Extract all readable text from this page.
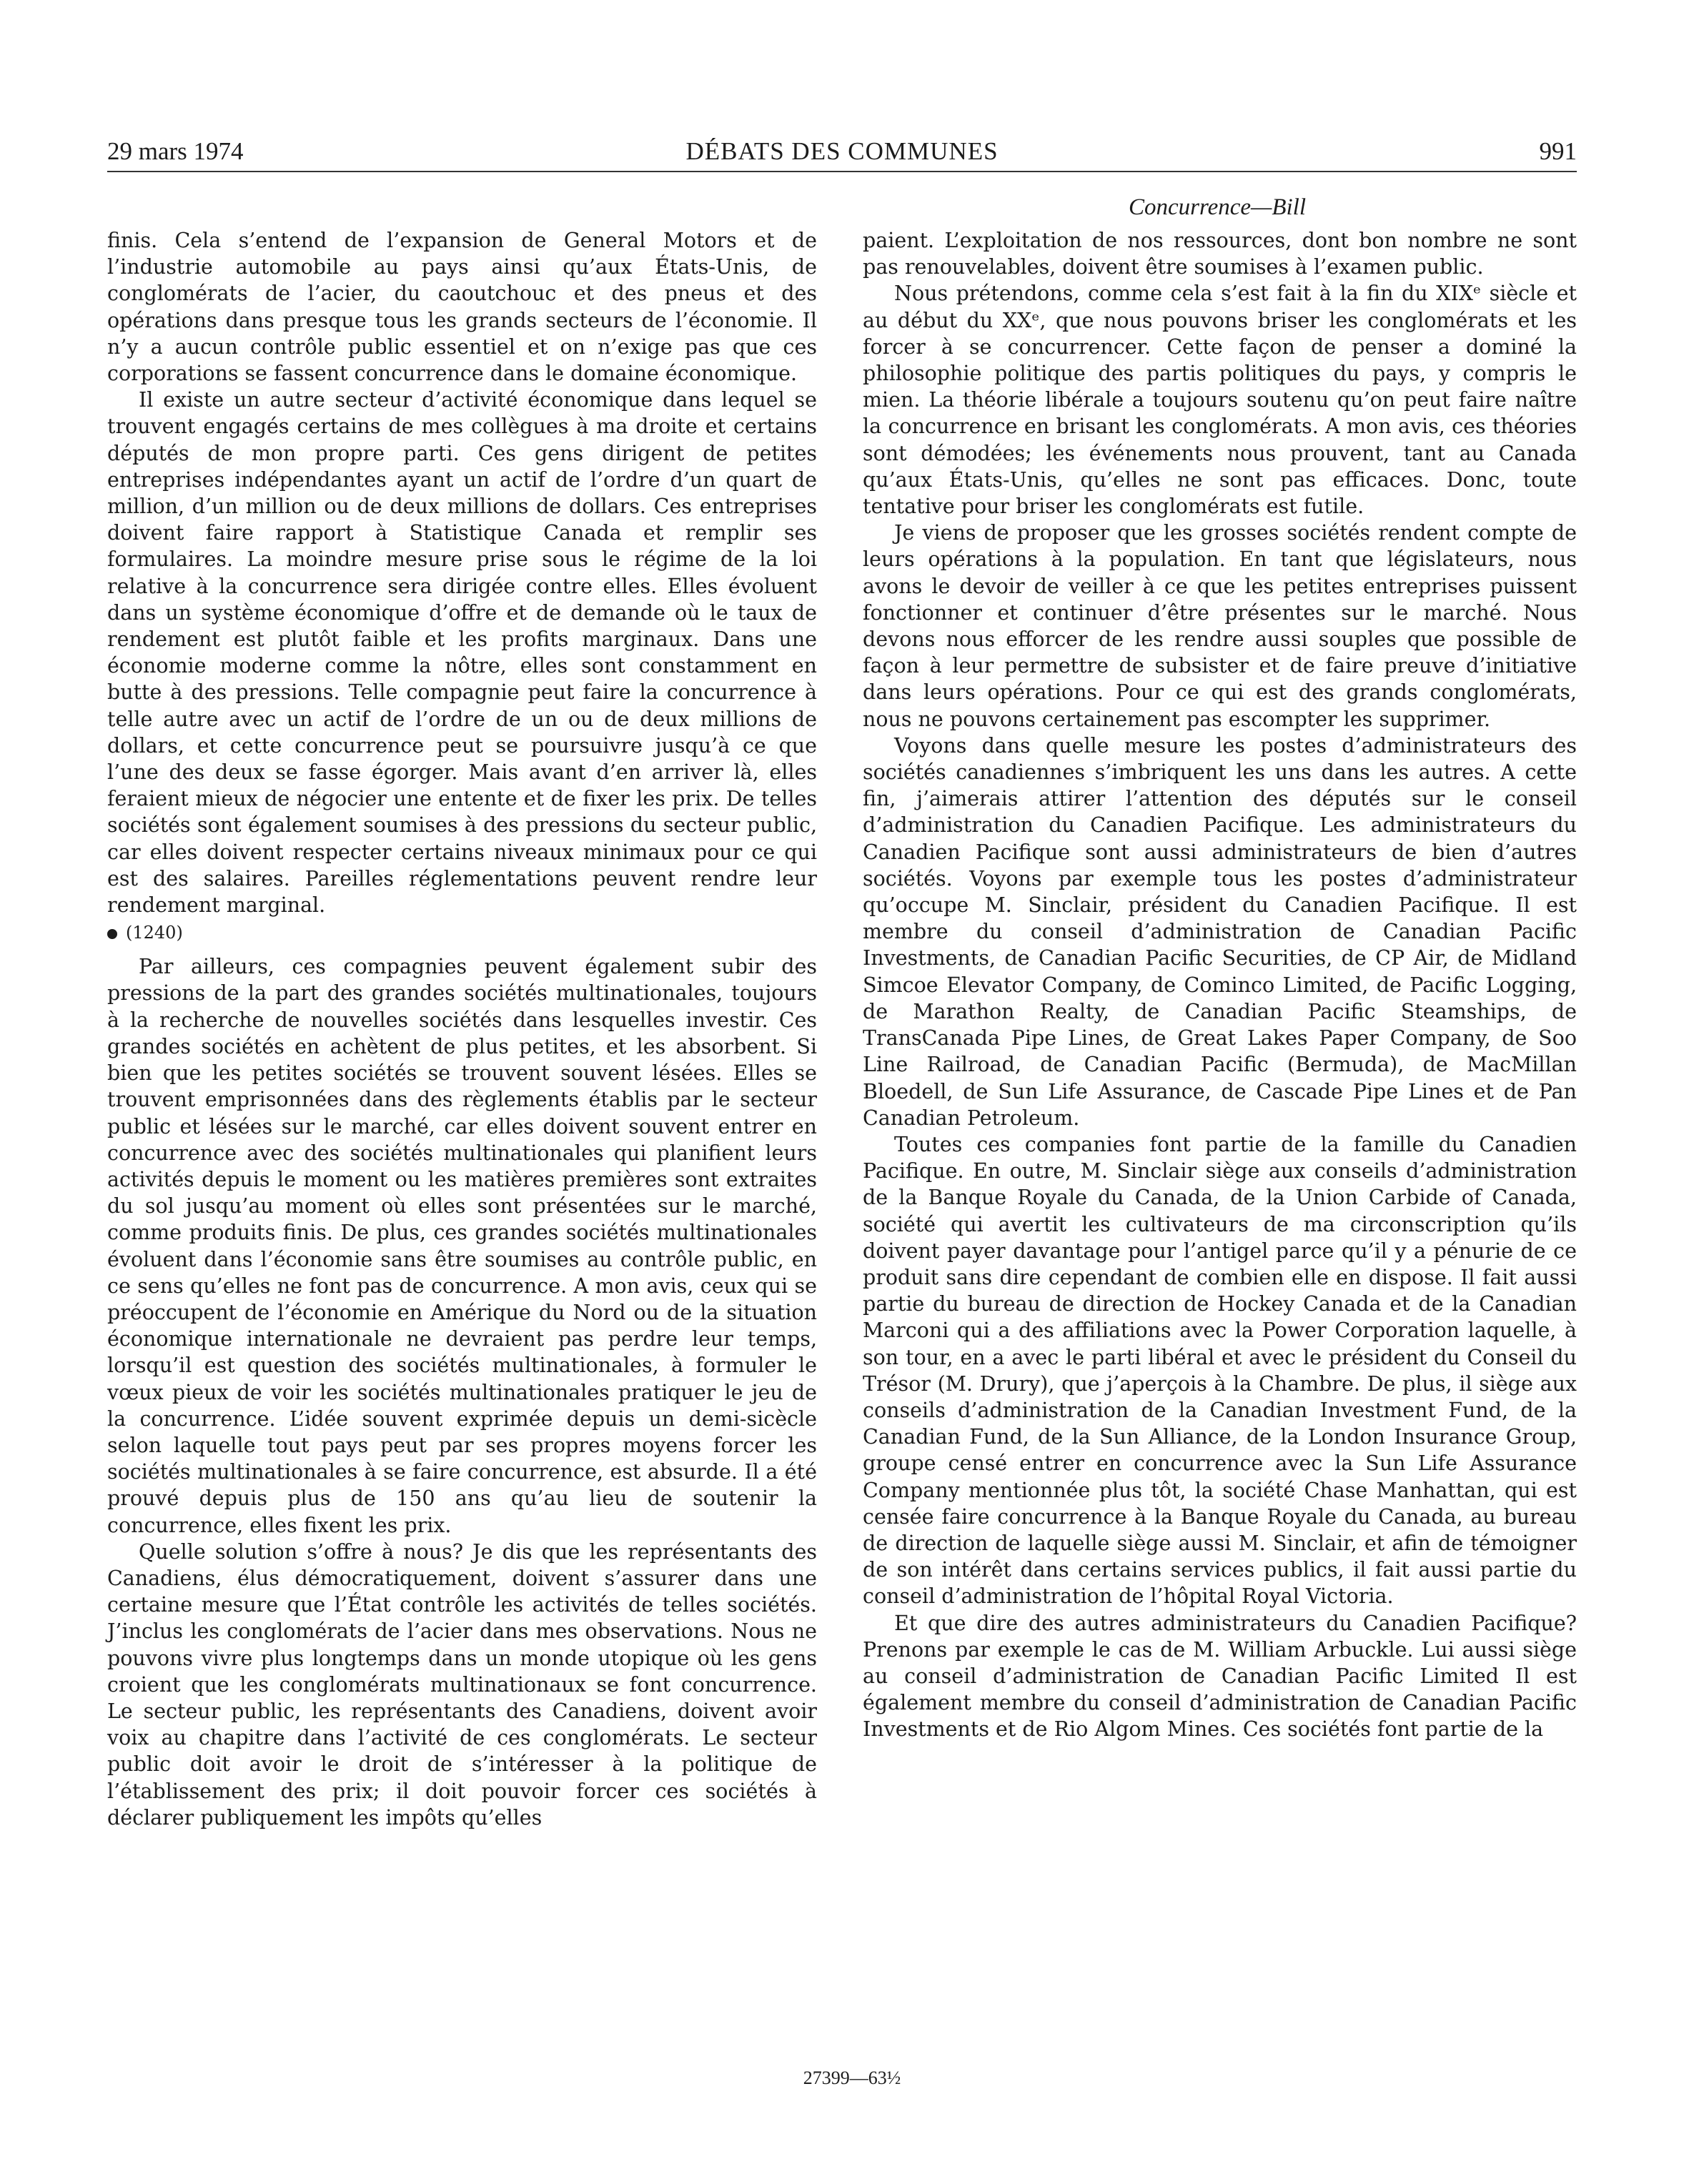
29 mars 1974	DÉBATS DES COMMUNES	991
Concurrence—Bill

finis. Cela s’entend de l’expansion de General Motors et de l’industrie automobile au pays ainsi qu’aux États-Unis, de conglomérats de l’acier, du caoutchouc et des pneus et des opérations dans presque tous les grands secteurs de l’économie. Il n’y a aucun contrôle public essentiel et on n’exige pas que ces corporations se fassent concurrence dans le domaine économique.

Il existe un autre secteur d’activité économique dans lequel se trouvent engagés certains de mes collègues à ma droite et certains députés de mon propre parti. Ces gens dirigent de petites entreprises indépendantes ayant un actif de l’ordre d’un quart de million, d’un million ou de deux millions de dollars. Ces entreprises doivent faire rapport à Statistique Canada et remplir ses formulaires. La moindre mesure prise sous le régime de la loi relative à la concurrence sera dirigée contre elles. Elles évoluent dans un système économique d’offre et de demande où le taux de rendement est plutôt faible et les profits marginaux. Dans une économie moderne comme la nôtre, elles sont constamment en butte à des pressions. Telle compagnie peut faire la concurrence à telle autre avec un actif de l’ordre de un ou de deux millions de dollars, et cette concurrence peut se poursuivre jusqu’à ce que l’une des deux se fasse égorger. Mais avant d’en arriver là, elles feraient mieux de négocier une entente et de fixer les prix. De telles sociétés sont également soumises à des pressions du secteur public, car elles doivent respecter certains niveaux minimaux pour ce qui est des salaires. Pareilles réglementations peuvent rendre leur rendement marginal.

(1240)

Par ailleurs, ces compagnies peuvent également subir des pressions de la part des grandes sociétés multinationales, toujours à la recherche de nouvelles sociétés dans lesquelles investir. Ces grandes sociétés en achètent de plus petites, et les absorbent. Si bien que les petites sociétés se trouvent souvent lésées. Elles se trouvent emprisonnées dans des règlements établis par le secteur public et lésées sur le marché, car elles doivent souvent entrer en concurrence avec des sociétés multinationales qui planifient leurs activités depuis le moment ou les matières premières sont extraites du sol jusqu’au moment où elles sont présentées sur le marché, comme produits finis. De plus, ces grandes sociétés multinationales évoluent dans l’économie sans être soumises au contrôle public, en ce sens qu’elles ne font pas de concurrence. A mon avis, ceux qui se préoccupent de l’économie en Amérique du Nord ou de la situation économique internationale ne devraient pas perdre leur temps, lorsqu’il est question des sociétés multinationales, à formuler le vœux pieux de voir les sociétés multinationales pratiquer le jeu de la concurrence. L’idée souvent exprimée depuis un demi-sicècle selon laquelle tout pays peut par ses propres moyens forcer les sociétés multinationales à se faire concurrence, est absurde. Il a été prouvé depuis plus de 150 ans qu’au lieu de soutenir la concurrence, elles fixent les prix.

Quelle solution s’offre à nous? Je dis que les représentants des Canadiens, élus démocratiquement, doivent s’assurer dans une certaine mesure que l’État contrôle les activités de telles sociétés. J’inclus les conglomérats de l’acier dans mes observations. Nous ne pouvons vivre plus longtemps dans un monde utopique où les gens croient que les conglomérats multinationaux se font concurrence. Le secteur public, les représentants des Canadiens, doivent avoir voix au chapitre dans l’activité de ces conglomérats. Le secteur public doit avoir le droit de s’intéresser à la politique de l’établissement des prix; il doit pouvoir forcer ces sociétés à déclarer publiquement les impôts qu’elles

paient. L’exploitation de nos ressources, dont bon nombre ne sont pas renouvelables, doivent être soumises à l’examen public.

Nous prétendons, comme cela s’est fait à la fin du XIXᵉ siècle et au début du XXᵉ, que nous pouvons briser les conglomérats et les forcer à se concurrencer. Cette façon de penser a dominé la philosophie politique des partis politiques du pays, y compris le mien. La théorie libérale a toujours soutenu qu’on peut faire naître la concurrence en brisant les conglomérats. A mon avis, ces théories sont démodées; les événements nous prouvent, tant au Canada qu’aux États-Unis, qu’elles ne sont pas efficaces. Donc, toute tentative pour briser les conglomérats est futile.

Je viens de proposer que les grosses sociétés rendent compte de leurs opérations à la population. En tant que législateurs, nous avons le devoir de veiller à ce que les petites entreprises puissent fonctionner et continuer d’être présentes sur le marché. Nous devons nous efforcer de les rendre aussi souples que possible de façon à leur permettre de subsister et de faire preuve d’initiative dans leurs opérations. Pour ce qui est des grands conglomérats, nous ne pouvons certainement pas escompter les supprimer.

Voyons dans quelle mesure les postes d’administrateurs des sociétés canadiennes s’imbriquent les uns dans les autres. A cette fin, j’aimerais attirer l’attention des députés sur le conseil d’administration du Canadien Pacifique. Les administrateurs du Canadien Pacifique sont aussi administrateurs de bien d’autres sociétés. Voyons par exemple tous les postes d’administrateur qu’occupe M. Sinclair, président du Canadien Pacifique. Il est membre du conseil d’administration de Canadian Pacific Investments, de Canadian Pacific Securities, de CP Air, de Midland Simcoe Elevator Company, de Cominco Limited, de Pacific Logging, de Marathon Realty, de Canadian Pacific Steamships, de TransCanada Pipe Lines, de Great Lakes Paper Company, de Soo Line Railroad, de Canadian Pacific (Bermuda), de MacMillan Bloedell, de Sun Life Assurance, de Cascade Pipe Lines et de Pan Canadian Petroleum.

Toutes ces companies font partie de la famille du Canadien Pacifique. En outre, M. Sinclair siège aux conseils d’administration de la Banque Royale du Canada, de la Union Carbide of Canada, société qui avertit les cultivateurs de ma circonscription qu’ils doivent payer davantage pour l’antigel parce qu’il y a pénurie de ce produit sans dire cependant de combien elle en dispose. Il fait aussi partie du bureau de direction de Hockey Canada et de la Canadian Marconi qui a des affiliations avec la Power Corporation laquelle, à son tour, en a avec le parti libéral et avec le président du Conseil du Trésor (M. Drury), que j’aperçois à la Chambre. De plus, il siège aux conseils d’administration de la Canadian Investment Fund, de la Canadian Fund, de la Sun Alliance, de la London Insurance Group, groupe censé entrer en concurrence avec la Sun Life Assurance Company mentionnée plus tôt, la société Chase Manhattan, qui est censée faire concurrence à la Banque Royale du Canada, au bureau de direction de laquelle siège aussi M. Sinclair, et afin de témoigner de son intérêt dans certains services publics, il fait aussi partie du conseil d’administration de l’hôpital Royal Victoria.

Et que dire des autres administrateurs du Canadien Pacifique? Prenons par exemple le cas de M. William Arbuckle. Lui aussi siège au conseil d’administration de Canadian Pacific Limited Il est également membre du conseil d’administration de Canadian Pacific Investments et de Rio Algom Mines. Ces sociétés font partie de la

27399—63½
